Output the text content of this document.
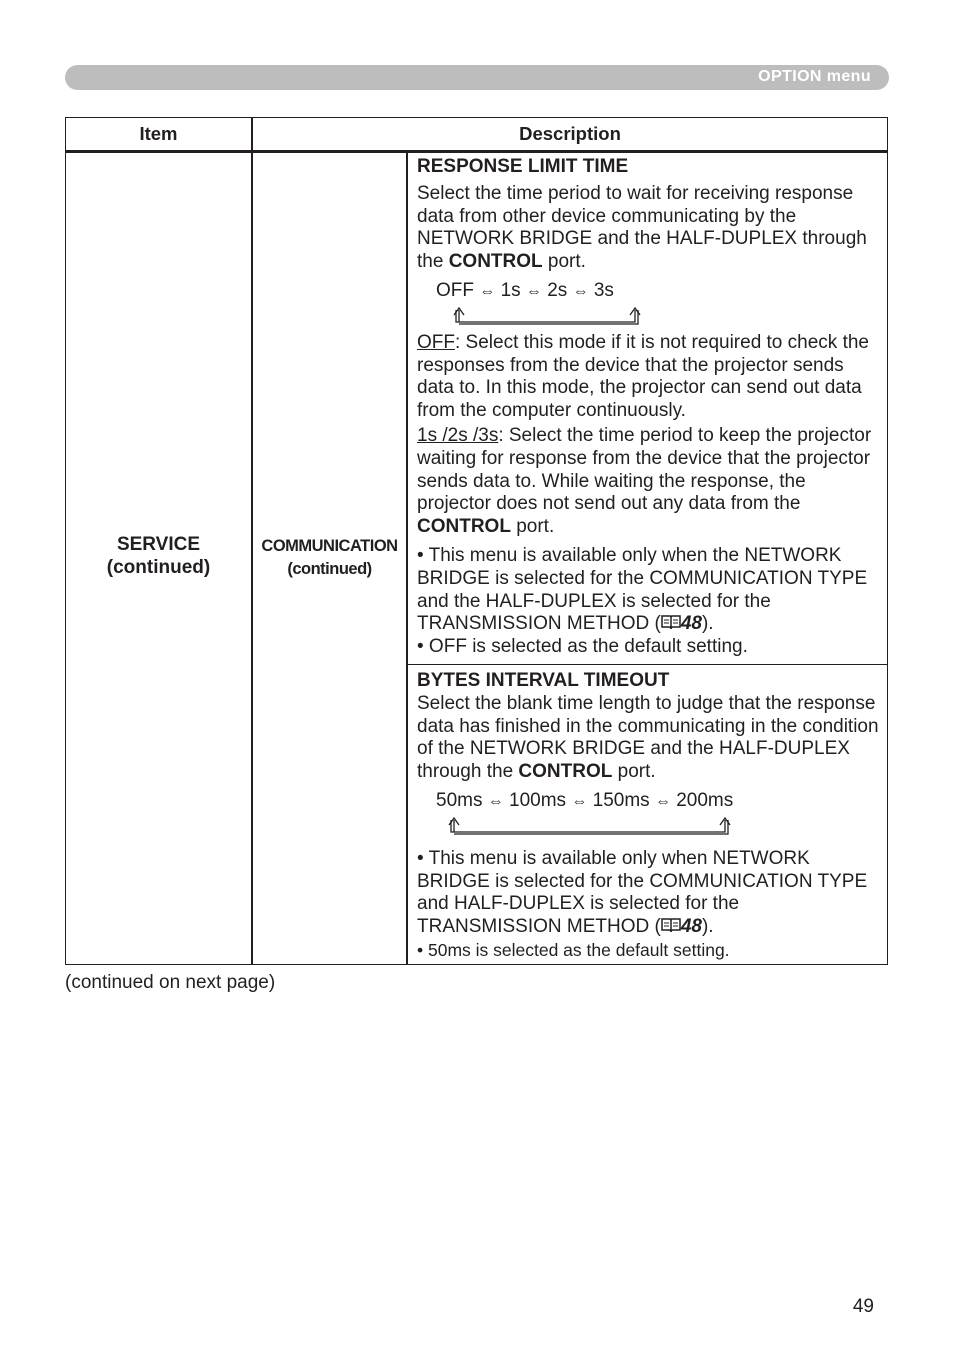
OPTION menu
Item	Description
SERVICE
(continued)
COMMUNICATION
(continued)

RESPONSE LIMIT TIME

Select the time period to wait for receiving response data from other device communicating by the NETWORK BRIDGE and the HALF-DUPLEX through the CONTROL port.

OFF ⇔ 1s ⇔ 2s ⇔ 3s

OFF: Select this mode if it is not required to check the responses from the device that the projector sends data to. In this mode, the projector can send out data from the computer continuously.

1s /2s /3s: Select the time period to keep the projector waiting for response from the device that the projector sends data to. While waiting the response, the projector does not send out any data from the CONTROL port.

• This menu is available only when the NETWORK BRIDGE is selected for the COMMUNICATION TYPE and the HALF-DUPLEX is selected for the TRANSMISSION METHOD ( 48).

• OFF is selected as the default setting.

BYTES INTERVAL TIMEOUT

Select the blank time length to judge that the response data has finished in the communicating in the condition of the NETWORK BRIDGE and the HALF-DUPLEX through the CONTROL port.

50ms ⇔ 100ms ⇔ 150ms ⇔ 200ms

• This menu is available only when NETWORK BRIDGE is selected for the COMMUNICATION TYPE and HALF-DUPLEX is selected for the TRANSMISSION METHOD ( 48).

• 50ms is selected as the default setting.

(continued on next page)
49
